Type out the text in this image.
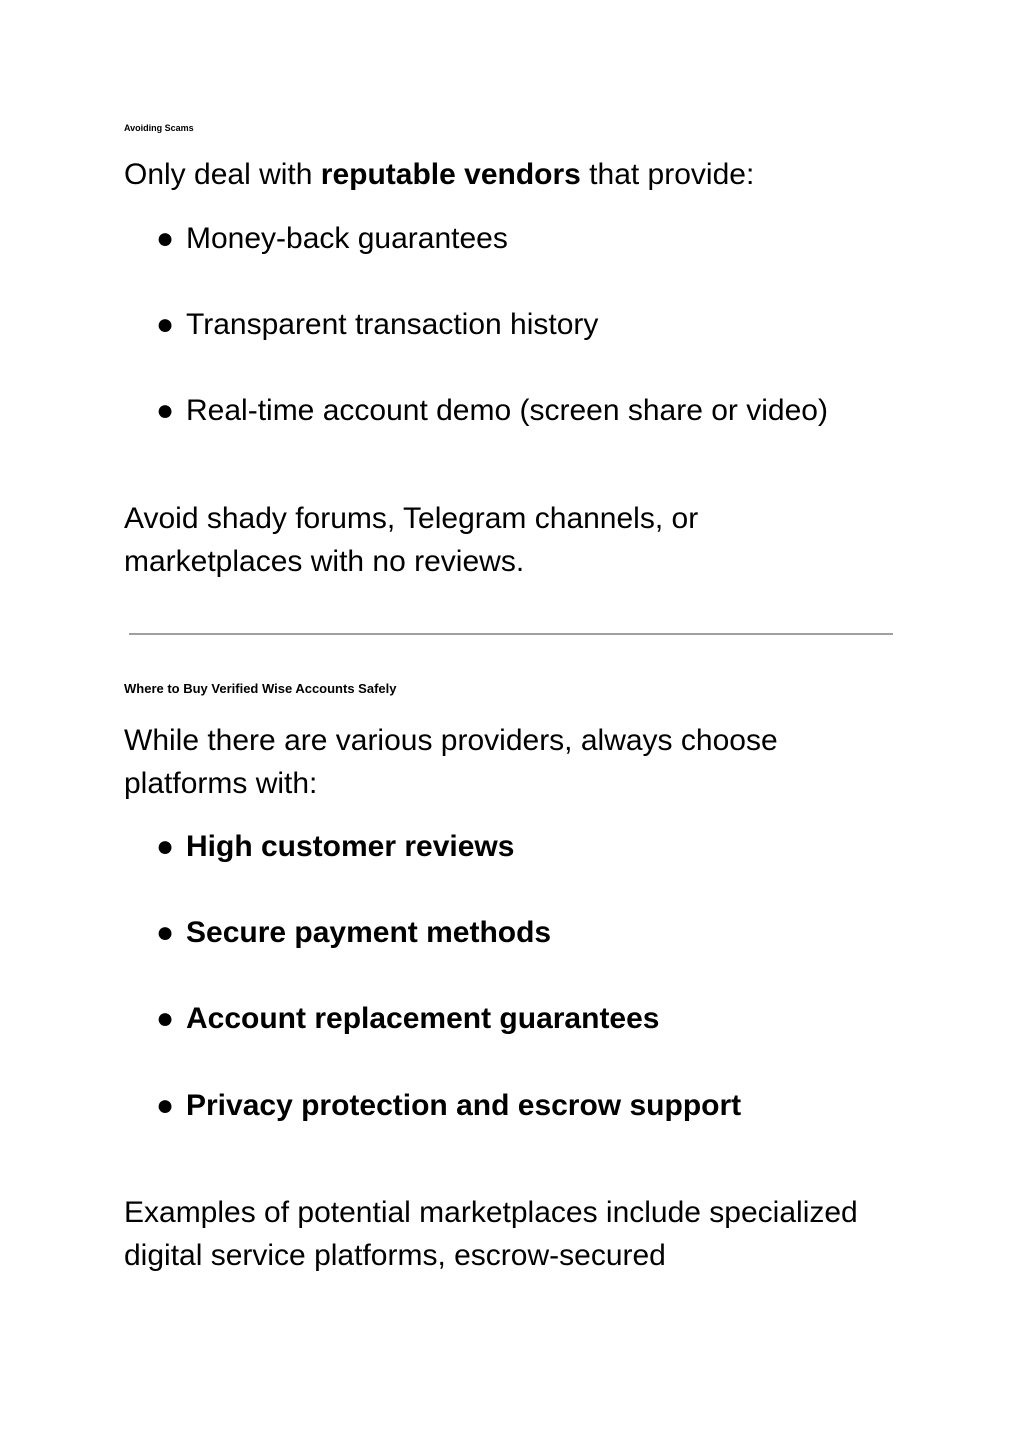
Avoiding Scams
Only deal with reputable vendors that provide:
● Money-back guarantees
● Transparent transaction history
● Real-time account demo (screen share or video)
Avoid shady forums, Telegram channels, or marketplaces with no reviews.
Where to Buy Verified Wise Accounts Safely
While there are various providers, always choose platforms with:
● High customer reviews
● Secure payment methods
● Account replacement guarantees
● Privacy protection and escrow support
Examples of potential marketplaces include specialized digital service platforms, escrow-secured
